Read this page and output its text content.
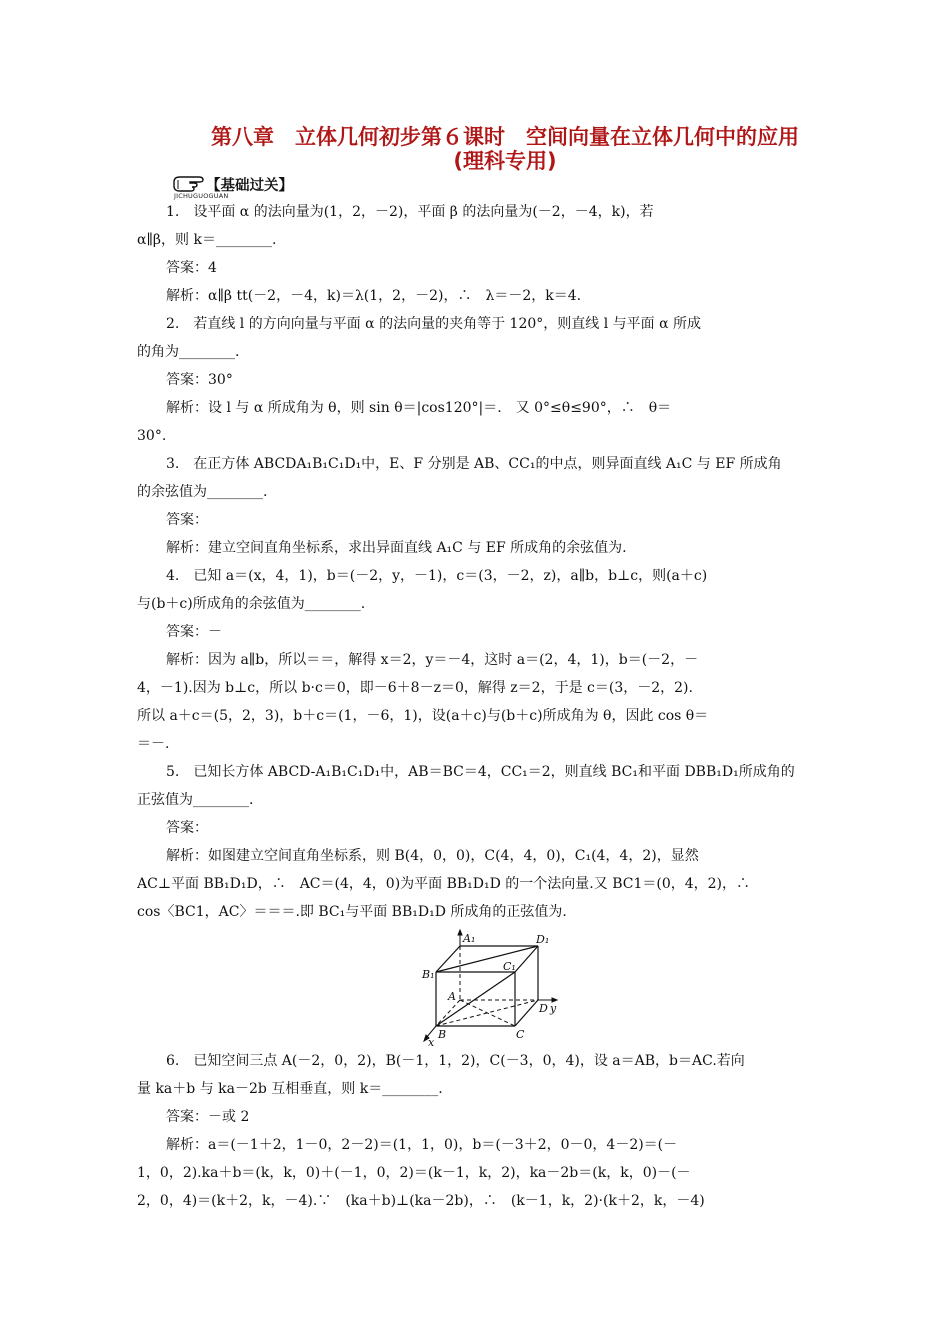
第八章　立体几何初步第６课时　空间向量在立体几何中的应用
(理科专用)
【基础过关】
JICHUGUOGUAN
1.　设平面 α 的法向量为(1，2，－2)，平面 β 的法向量为(－2，－4，k)，若
α∥β，则 k＝________.
答案：4
解析：α∥β tt(－2，－4，k)＝λ(1，2，－2)，∴　λ＝－2，k＝4.
2.　若直线 l 的方向向量与平面 α 的法向量的夹角等于 120°，则直线 l 与平面 α 所成
的角为________.
答案：30°
解析：设 l 与 α 所成角为 θ，则 sin θ＝|cos120°|＝.　又 0°≤θ≤90°，∴　θ＝
30°.
3.　在正方体 ABCDA₁B₁C₁D₁中，E、F 分别是 AB、CC₁的中点，则异面直线 A₁C 与 EF 所成角
的余弦值为________.
答案：
解析：建立空间直角坐标系，求出异面直线 A₁C 与 EF 所成角的余弦值为.
4.　已知 a＝(x，4，1)，b＝(－2，y，－1)，c＝(3，－2，z)，a∥b，b⊥c，则(a＋c)
与(b＋c)所成角的余弦值为________.
答案：－
解析：因为 a∥b，所以＝＝，解得 x＝2，y＝－4，这时 a＝(2，4，1)，b＝(－2，－
4，－1).因为 b⊥c，所以 b·c＝0，即－6＋8－z＝0，解得 z＝2，于是 c＝(3，－2，2).
所以 a＋c＝(5，2，3)，b＋c＝(1，－6，1)，设(a＋c)与(b＋c)所成角为 θ，因此 cos θ＝
＝－.
5.　已知长方体 ABCD-A₁B₁C₁D₁中，AB＝BC＝4，CC₁＝2，则直线 BC₁和平面 DBB₁D₁所成角的
正弦值为________.
答案：
解析：如图建立空间直角坐标系，则 B(4，0，0)，C(4，4，0)，C₁(4，4，2)，显然
AC⊥平面 BB₁D₁D，∴　AC＝(4，4，0)为平面 BB₁D₁D 的一个法向量.又 BC1＝(0，4，2)，∴
cos〈BC1，AC〉＝＝＝.即 BC₁与平面 BB₁D₁D 所成角的正弦值为.
A₁	D₁
B₁
C₁
A
D y
B	C
x
6.　已知空间三点 A(－2，0，2)，B(－1，1，2)，C(－3，0，4)，设 a＝AB，b＝AC.若向
量 ka＋b 与 ka－2b 互相垂直，则 k＝________.
答案：－或 2
解析：a＝(－1＋2，1－0，2－2)＝(1，1，0)，b＝(－3＋2，0－0，4－2)＝(－
1，0，2).ka＋b＝(k，k，0)＋(－1，0，2)＝(k－1，k，2)，ka－2b＝(k，k，0)－(－
2，0，4)＝(k＋2，k，－4).∵　(ka＋b)⊥(ka－2b)，∴　(k－1，k，2)·(k＋2，k，－4)
